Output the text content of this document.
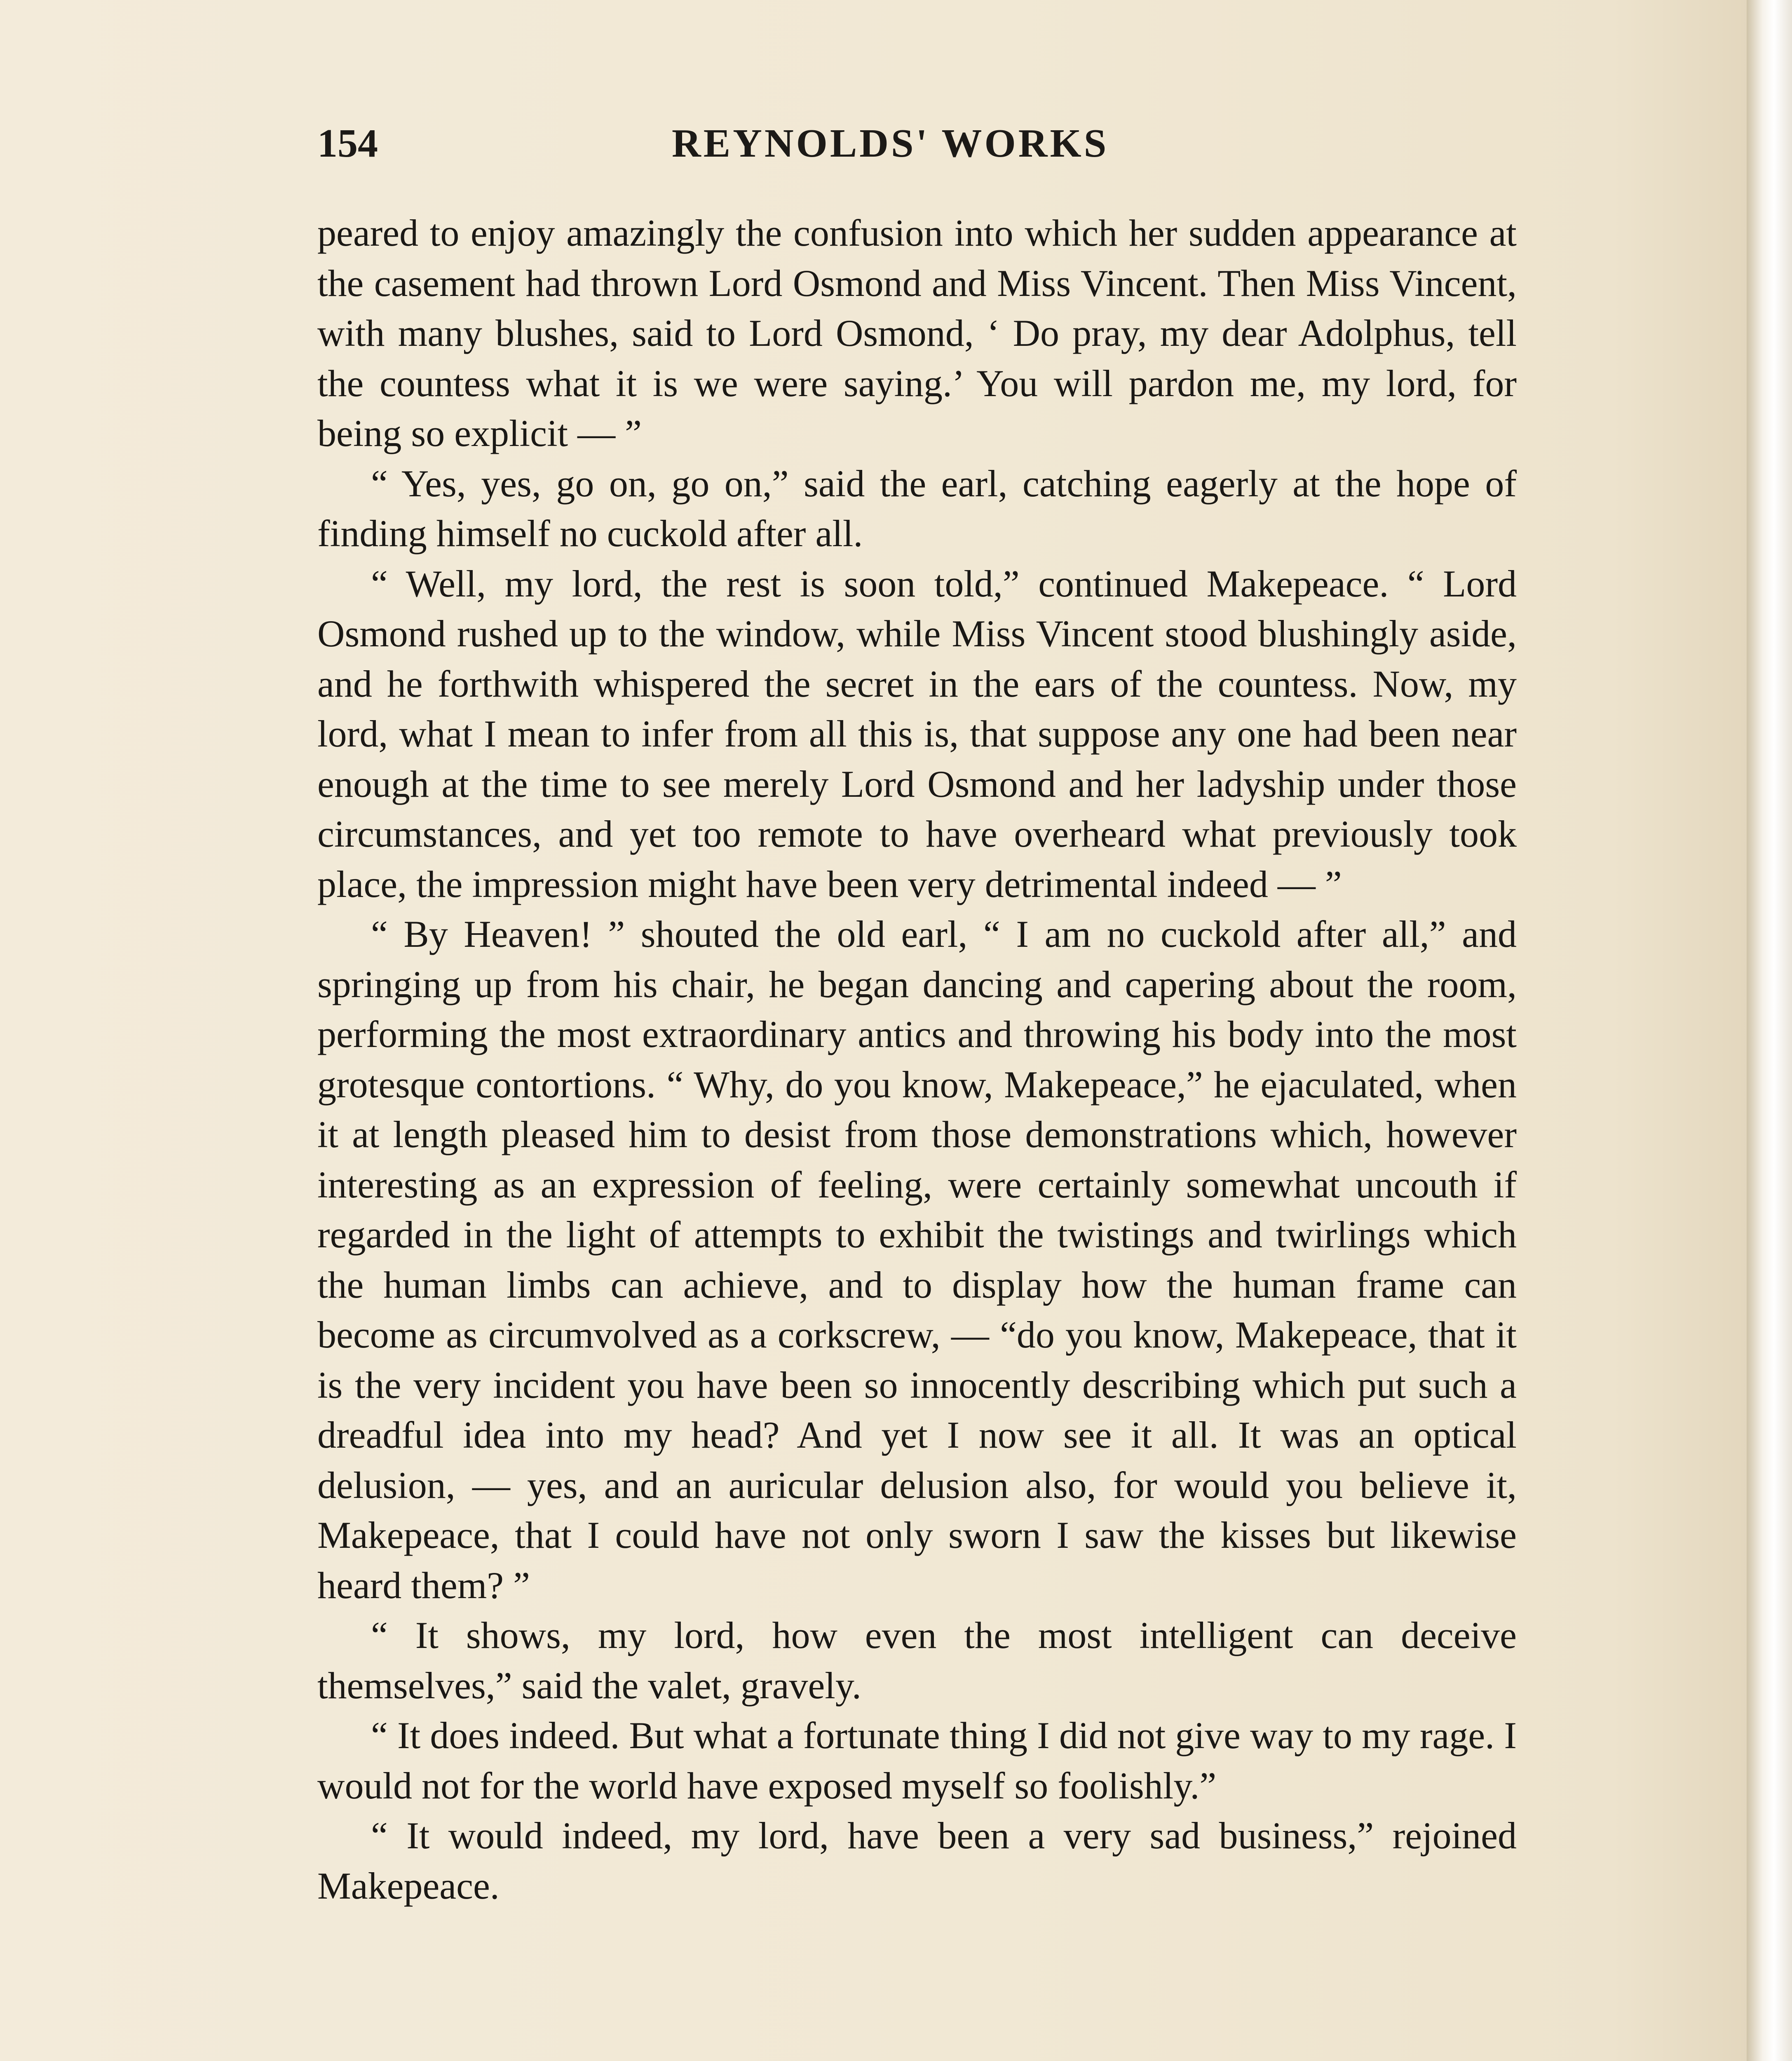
154	REYNOLDS' WORKS

peared to enjoy amazingly the confusion into which her sudden appearance at the casement had thrown Lord Osmond and Miss Vincent. Then Miss Vincent, with many blushes, said to Lord Osmond, ‘ Do pray, my dear Adolphus, tell the countess what it is we were saying.’ You will pardon me, my lord, for being so explicit — ”

“ Yes, yes, go on, go on,” said the earl, catching eagerly at the hope of finding himself no cuckold after all.

“ Well, my lord, the rest is soon told,” continued Makepeace. “ Lord Osmond rushed up to the window, while Miss Vincent stood blushingly aside, and he forthwith whispered the secret in the ears of the countess. Now, my lord, what I mean to infer from all this is, that suppose any one had been near enough at the time to see merely Lord Osmond and her ladyship under those circumstances, and yet too remote to have overheard what previously took place, the impression might have been very detrimental indeed — ”

“ By Heaven! ” shouted the old earl, “ I am no cuckold after all,” and springing up from his chair, he began dancing and capering about the room, performing the most extraordinary antics and throwing his body into the most grotesque contortions. “ Why, do you know, Makepeace,” he ejaculated, when it at length pleased him to desist from those demonstrations which, however interesting as an expression of feeling, were certainly somewhat uncouth if regarded in the light of attempts to exhibit the twistings and twirlings which the human limbs can achieve, and to display how the human frame can become as circumvolved as a corkscrew, — “do you know, Makepeace, that it is the very incident you have been so innocently describing which put such a dreadful idea into my head? And yet I now see it all. It was an optical delusion, — yes, and an auricular delusion also, for would you believe it, Makepeace, that I could have not only sworn I saw the kisses but likewise heard them? ”

“ It shows, my lord, how even the most intelligent can deceive themselves,” said the valet, gravely.

“ It does indeed. But what a fortunate thing I did not give way to my rage. I would not for the world have exposed myself so foolishly.”

“ It would indeed, my lord, have been a very sad business,” rejoined Makepeace.
